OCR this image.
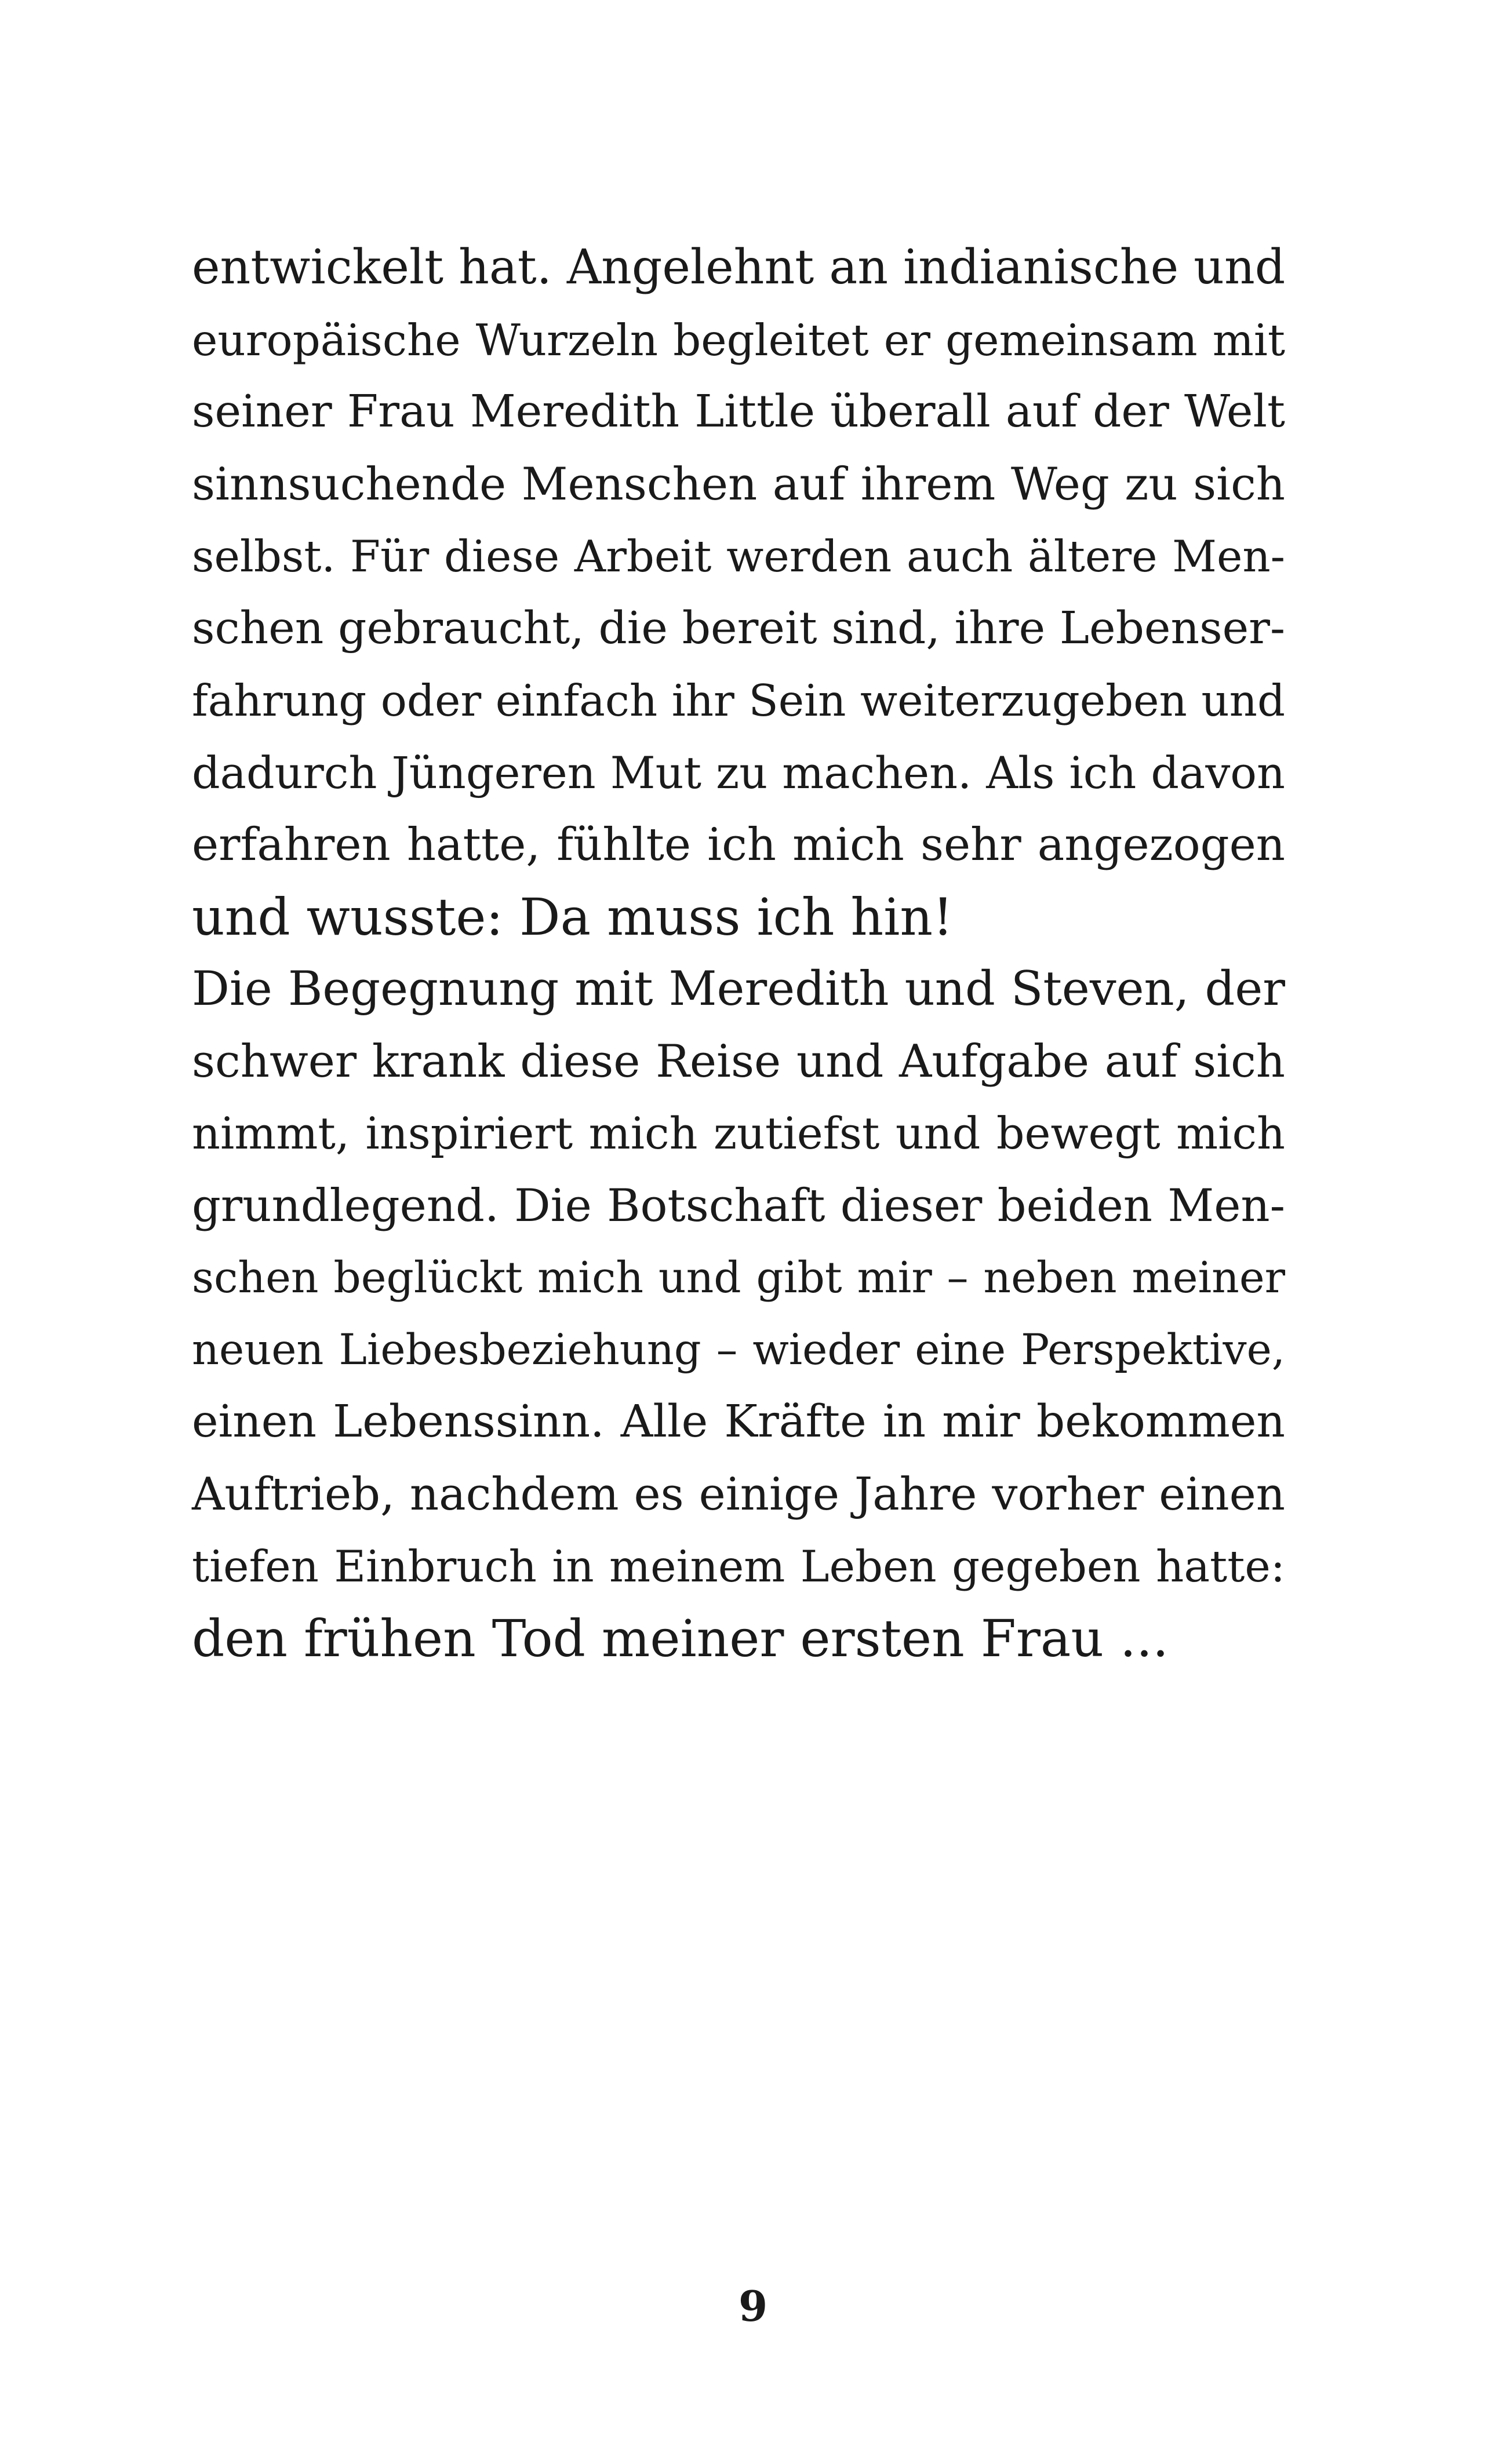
entwickelt hat. Angelehnt an indianische und
europäische Wurzeln begleitet er gemeinsam mit
seiner Frau Meredith Little überall auf der Welt
sinnsuchende Menschen auf ihrem Weg zu sich
selbst. Für diese Arbeit werden auch ältere Men-
schen gebraucht, die bereit sind, ihre Lebenser-
fahrung oder einfach ihr Sein weiterzugeben und
dadurch Jüngeren Mut zu machen. Als ich davon
erfahren hatte, fühlte ich mich sehr angezogen
und wusste: Da muss ich hin!
Die Begegnung mit Meredith und Steven, der
schwer krank diese Reise und Aufgabe auf sich
nimmt, inspiriert mich zutiefst und bewegt mich
grundlegend. Die Botschaft dieser beiden Men-
schen beglückt mich und gibt mir – neben meiner
neuen Liebesbeziehung – wieder eine Perspektive,
einen Lebenssinn. Alle Kräfte in mir bekommen
Auftrieb, nachdem es einige Jahre vorher einen
tiefen Einbruch in meinem Leben gegeben hatte:
den frühen Tod meiner ersten Frau ...
9
